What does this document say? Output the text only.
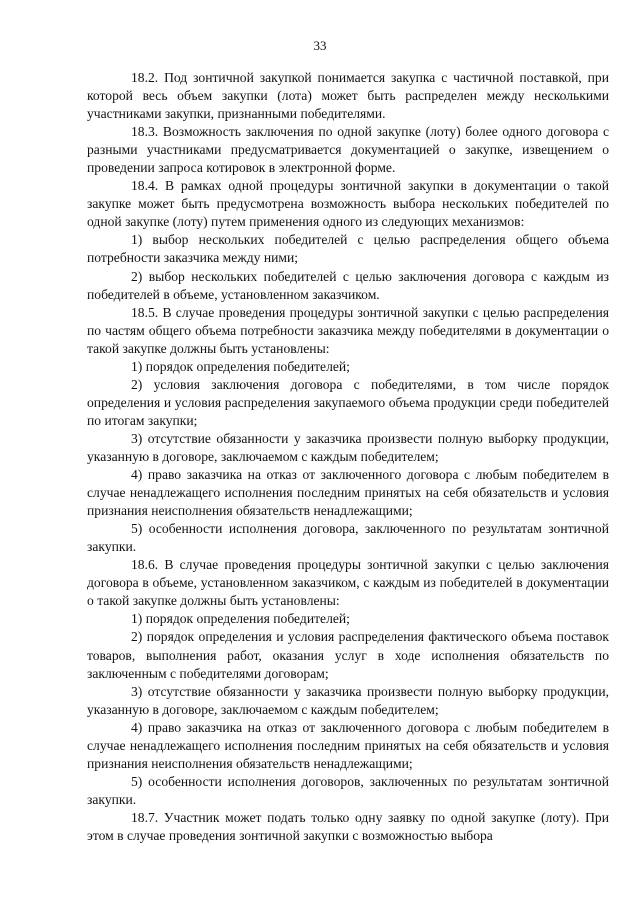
33

18.2. Под зонтичной закупкой понимается закупка с частичной поставкой, при которой весь объем закупки (лота) может быть распределен между несколькими участниками закупки, признанными победителями.

18.3. Возможность заключения по одной закупке (лоту) более одного договора с разными участниками предусматривается документацией о закупке, извещением о проведении запроса котировок в электронной форме.

18.4. В рамках одной процедуры зонтичной закупки в документации о такой закупке может быть предусмотрена возможность выбора нескольких победителей по одной закупке (лоту) путем применения одного из следующих механизмов:

1) выбор нескольких победителей с целью распределения общего объема потребности заказчика между ними;

2) выбор нескольких победителей с целью заключения договора с каждым из победителей в объеме, установленном заказчиком.

18.5. В случае проведения процедуры зонтичной закупки с целью распределения по частям общего объема потребности заказчика между победителями в документации о такой закупке должны быть установлены:

1) порядок определения победителей;

2) условия заключения договора с победителями, в том числе порядок определения и условия распределения закупаемого объема продукции среди победителей по итогам закупки;

3) отсутствие обязанности у заказчика произвести полную выборку продукции, указанную в договоре, заключаемом с каждым победителем;

4) право заказчика на отказ от заключенного договора с любым победителем в случае ненадлежащего исполнения последним принятых на себя обязательств и условия признания неисполнения обязательств ненадлежащими;

5) особенности исполнения договора, заключенного по результатам зонтичной закупки.

18.6. В случае проведения процедуры зонтичной закупки с целью заключения договора в объеме, установленном заказчиком, с каждым из победителей в документации о такой закупке должны быть установлены:

1) порядок определения победителей;

2) порядок определения и условия распределения фактического объема поставок товаров, выполнения работ, оказания услуг в ходе исполнения обязательств по заключенным с победителями договорам;

3) отсутствие обязанности у заказчика произвести полную выборку продукции, указанную в договоре, заключаемом с каждым победителем;

4) право заказчика на отказ от заключенного договора с любым победителем в случае ненадлежащего исполнения последним принятых на себя обязательств и условия признания неисполнения обязательств ненадлежащими;

5) особенности исполнения договоров, заключенных по результатам зонтичной закупки.

18.7. Участник может подать только одну заявку по одной закупке (лоту). При этом в случае проведения зонтичной закупки с возможностью выбора
